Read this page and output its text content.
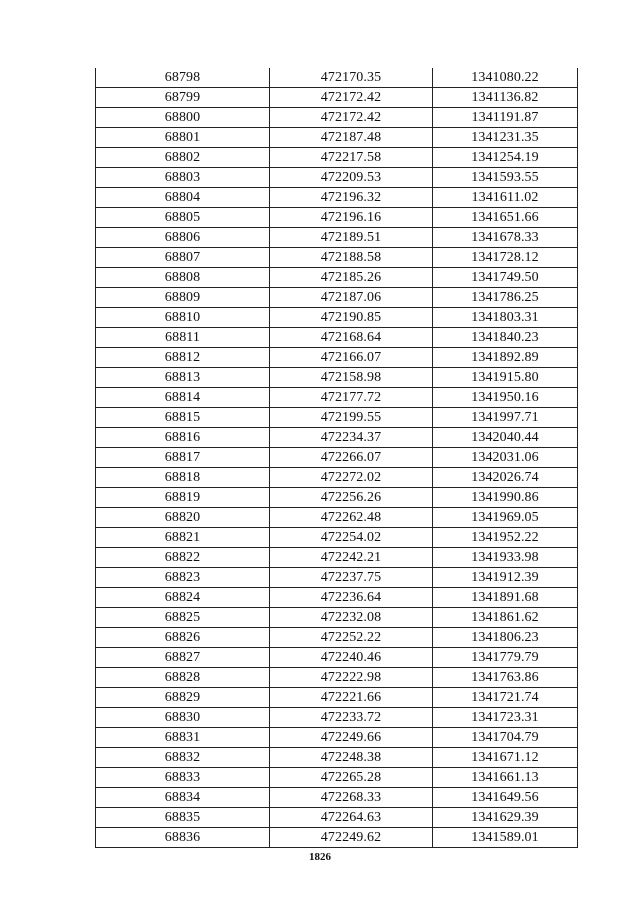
68798	472170.35	1341080.22
68799	472172.42	1341136.82
68800	472172.42	1341191.87
68801	472187.48	1341231.35
68802	472217.58	1341254.19
68803	472209.53	1341593.55
68804	472196.32	1341611.02
68805	472196.16	1341651.66
68806	472189.51	1341678.33
68807	472188.58	1341728.12
68808	472185.26	1341749.50
68809	472187.06	1341786.25
68810	472190.85	1341803.31
68811	472168.64	1341840.23
68812	472166.07	1341892.89
68813	472158.98	1341915.80
68814	472177.72	1341950.16
68815	472199.55	1341997.71
68816	472234.37	1342040.44
68817	472266.07	1342031.06
68818	472272.02	1342026.74
68819	472256.26	1341990.86
68820	472262.48	1341969.05
68821	472254.02	1341952.22
68822	472242.21	1341933.98
68823	472237.75	1341912.39
68824	472236.64	1341891.68
68825	472232.08	1341861.62
68826	472252.22	1341806.23
68827	472240.46	1341779.79
68828	472222.98	1341763.86
68829	472221.66	1341721.74
68830	472233.72	1341723.31
68831	472249.66	1341704.79
68832	472248.38	1341671.12
68833	472265.28	1341661.13
68834	472268.33	1341649.56
68835	472264.63	1341629.39
68836	472249.62	1341589.01
1826
